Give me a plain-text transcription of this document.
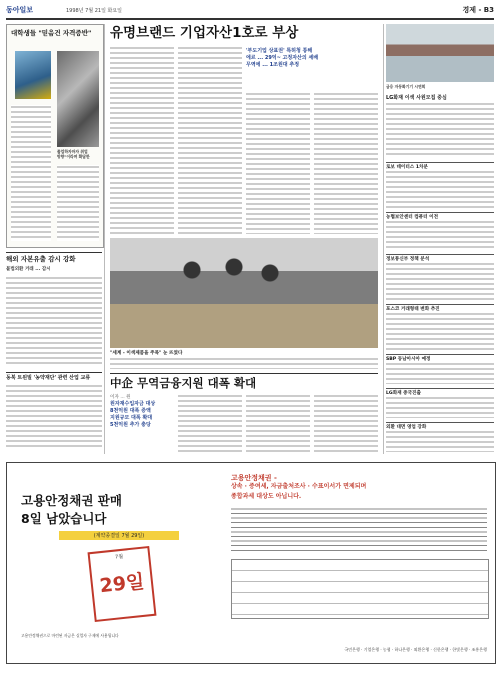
동아일보	1998년 7월 21일 화요일	경제 - B3
대학생들 "믿음건 자격증반"
졸업하자마자 취업
방향"이라며 확답한
해외 자본유출 감시 강화
불법외환 거래 ... 감시
동북 트윈빌 '농약재단' 관련 산업 교류
유명브랜드 기업자산1호로 부상
'부도기업 상표권' 특허청 통해
에르 ... 29억~ 고정자산의 세배
무역에 ... 1조원대 추정
"세계 - 이색제품을 주목" 눈 뜨였다
中企 무역금융지원 대폭 확대
이자 ... 원
원자재수입자금 대상
8천억원 대폭 증액
지원규모 대폭 확대
5천억원 추가 충당
금융 자동화기기 시연회
LG화재 이색 사원모집 중심
로보 데이터스 1차분
농협보안센터 컴퓨터 이전
정보통신부 정책 분석
포스코 거래형태 변화 추진
SBP 동남아시아 예정
LG화재 중국진출
외환 대면 영업 강화
고용안정채권 판매
8일 남았습니다
(계약종결일 7월 29일)
7월
29일
고용안정채권으로 마련된 자금은 실업자 구제에 사용됩니다
고용안정채권 -
상속 · 증여세, 자금출처조사 · 수표이서가 면제되며
종합과세 대상도 아닙니다.
국민은행 · 기업은행 · 농협 · 하나은행 · 외환은행 · 신한은행 · 한빛은행 · 조흥은행
